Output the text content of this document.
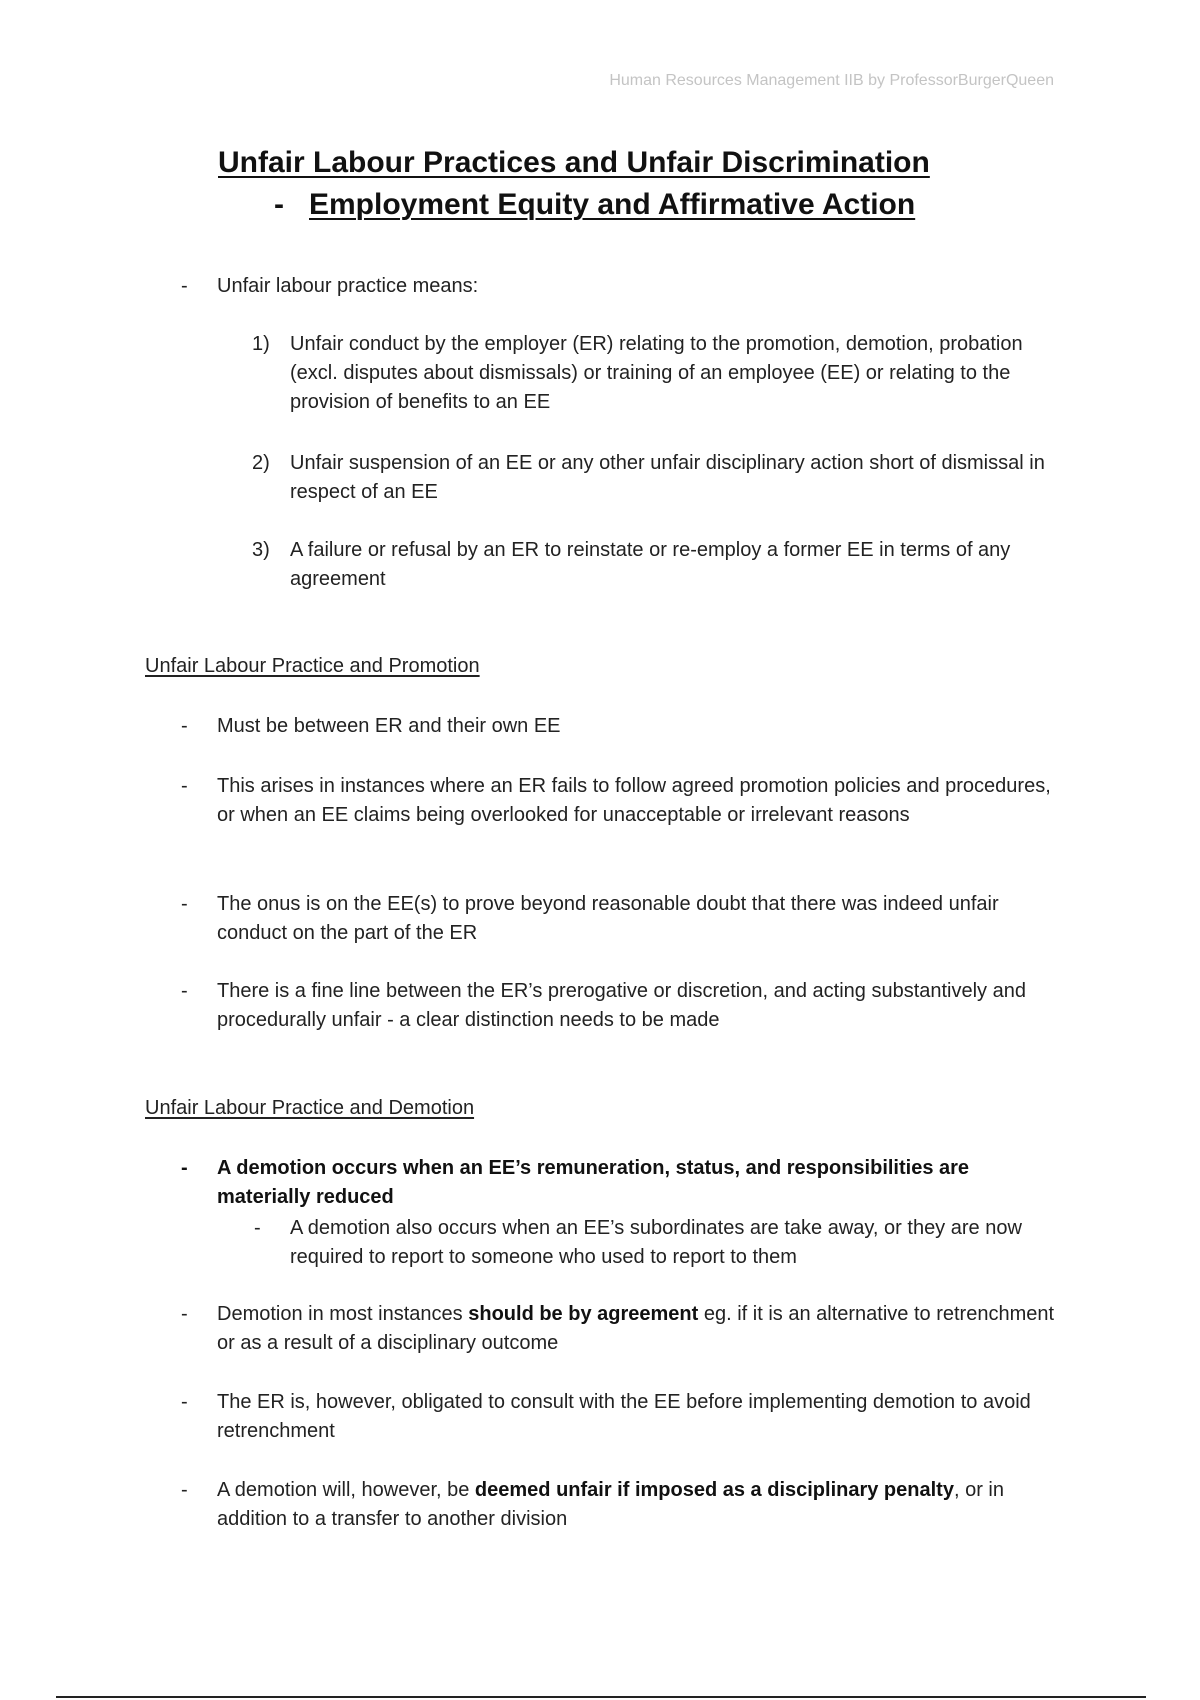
Human Resources Management IIB by ProfessorBurgerQueen
Unfair Labour Practices and Unfair Discrimination
- Employment Equity and Affirmative Action
-	Unfair labour practice means:
1)	Unfair conduct by the employer (ER) relating to the promotion, demotion, probation (excl. disputes about dismissals) or training of an employee (EE) or relating to the provision of benefits to an EE
2)	Unfair suspension of an EE or any other unfair disciplinary action short of dismissal in respect of an EE
3)	A failure or refusal by an ER to reinstate or re-employ a former EE in terms of any agreement
Unfair Labour Practice and Promotion
-	Must be between ER and their own EE
-	This arises in instances where an ER fails to follow agreed promotion policies and procedures, or when an EE claims being overlooked for unacceptable or irrelevant reasons
-	The onus is on the EE(s) to prove beyond reasonable doubt that there was indeed unfair conduct on the part of the ER
-	There is a fine line between the ER’s prerogative or discretion, and acting substantively and procedurally unfair - a clear distinction needs to be made
Unfair Labour Practice and Demotion
-	A demotion occurs when an EE’s remuneration, status, and responsibilities are materially reduced
-	A demotion also occurs when an EE’s subordinates are take away, or they are now required to report to someone who used to report to them
-	Demotion in most instances should be by agreement eg. if it is an alternative to retrenchment or as a result of a disciplinary outcome
-	The ER is, however, obligated to consult with the EE before implementing demotion to avoid retrenchment
-	A demotion will, however, be deemed unfair if imposed as a disciplinary penalty, or in addition to a transfer to another division
